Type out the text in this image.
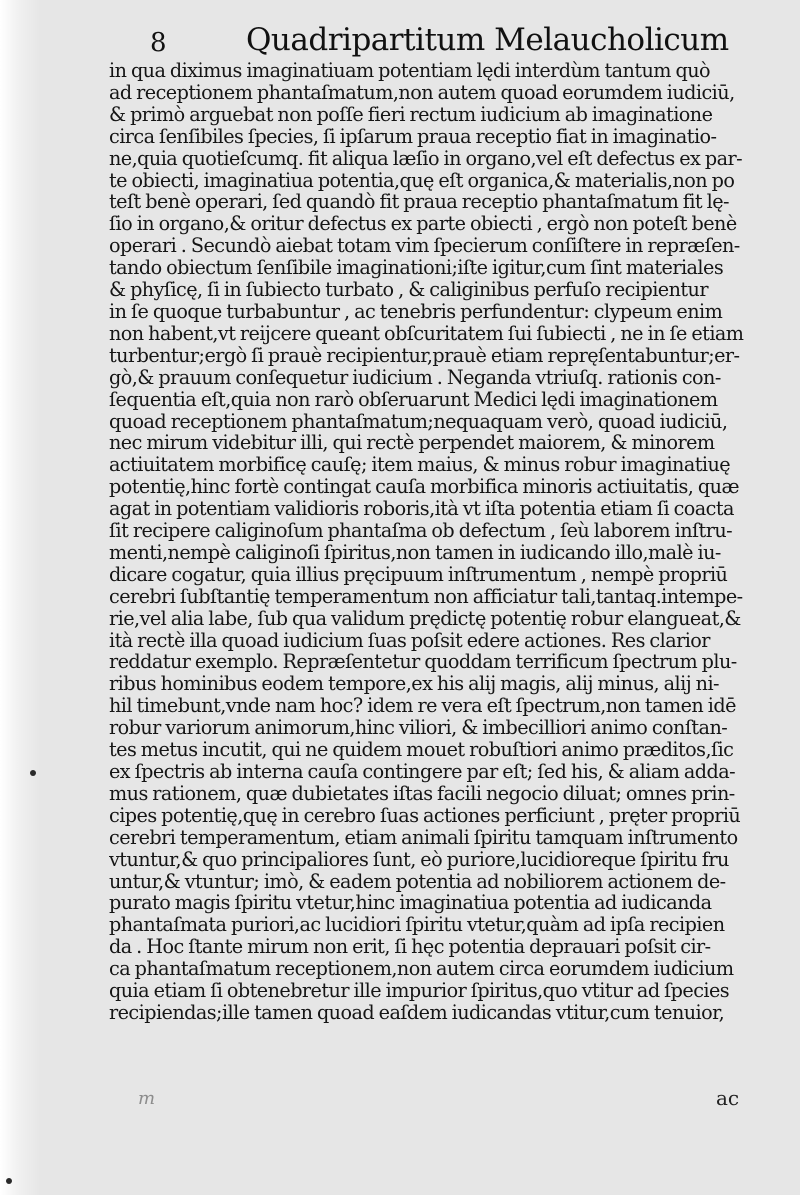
8	Quadripartitum Melaucholicum
in qua diximus imaginatiuam potentiam lędi interdùm tantum quò
ad receptionem phantaſmatum,non autem quoad eorumdem iudiciū,
& primò arguebat non poſſe fieri rectum iudicium ab imaginatione
circa ſenſibiles ſpecies, ſi ipſarum praua receptio fiat in imaginatio-
ne,quia quotieſcumq. fit aliqua læſio in organo,vel eſt defectus ex par-
te obiecti, imaginatiua potentia,quę eſt organica,& materialis,non po
teſt benè operari, ſed quandò fit praua receptio phantaſmatum fit lę-
ſio in organo,& oritur defectus ex parte obiecti , ergò non poteſt benè
operari . Secundò aiebat totam vim ſpecierum conſiſtere in repræſen-
tando obiectum ſenſibile imaginationi;iſte igitur,cum ſint materiales
& phyſicę, ſi in ſubiecto turbato , & caliginibus perfuſo recipientur
in ſe quoque turbabuntur , ac tenebris perfundentur: clypeum enim
non habent,vt reijcere queant obſcuritatem ſui ſubiecti , ne in ſe etiam
turbentur;ergò ſi prauè recipientur,prauè etiam repręſentabuntur;er-
gò,& prauum conſequetur iudicium . Neganda vtriuſq. rationis con-
ſequentia eſt,quia non rarò obſeruarunt Medici lędi imaginationem
quoad receptionem phantaſmatum;nequaquam verò, quoad iudiciū,
nec mirum videbitur illi, qui rectè perpendet maiorem, & minorem
actiuitatem morbificę cauſę; item maius, & minus robur imaginatiuę
potentię,hinc fortè contingat cauſa morbifica minoris actiuitatis, quæ
agat in potentiam validioris roboris,ità vt iſta potentia etiam ſi coacta
ſit recipere caliginoſum phantaſma ob defectum , ſeù laborem inſtru-
menti,nempè caliginoſi ſpiritus,non tamen in iudicando illo,malè iu-
dicare cogatur, quia illius pręcipuum inſtrumentum , nempè propriū
cerebri ſubſtantię temperamentum non afficiatur tali,tantaq.intempe-
rie,vel alia labe, ſub qua validum prędictę potentię robur elangueat,&
ità rectè illa quoad iudicium ſuas poſsit edere actiones. Res clarior
reddatur exemplo. Repræſentetur quoddam terrificum ſpectrum plu-
ribus hominibus eodem tempore,ex his alij magis, alij minus, alij ni-
hil timebunt,vnde nam hoc? idem re vera eſt ſpectrum,non tamen idē
robur variorum animorum,hinc viliori, & imbecilliori animo conſtan-
tes metus incutit, qui ne quidem mouet robuſtiori animo præditos,ſic
ex ſpectris ab interna cauſa contingere par eſt; ſed his, & aliam adda-
mus rationem, quæ dubietates iſtas facili negocio diluat; omnes prin-
cipes potentię,quę in cerebro ſuas actiones perficiunt , pręter propriū
cerebri temperamentum, etiam animali ſpiritu tamquam inſtrumento
vtuntur,& quo principaliores ſunt, eò puriore,lucidioreque ſpiritu fru
untur,& vtuntur; imò, & eadem potentia ad nobiliorem actionem de-
purato magis ſpiritu vtetur,hinc imaginatiua potentia ad iudicanda
phantaſmata puriori,ac lucidiori ſpiritu vtetur,quàm ad ipſa recipien
da . Hoc ſtante mirum non erit, ſi hęc potentia deprauari poſsit cir-
ca phantaſmatum receptionem,non autem circa eorumdem iudicium
quia etiam ſi obtenebretur ille impurior ſpiritus,quo vtitur ad ſpecies
recipiendas;ille tamen quoad eaſdem iudicandas vtitur,cum tenuior,
m	ac
